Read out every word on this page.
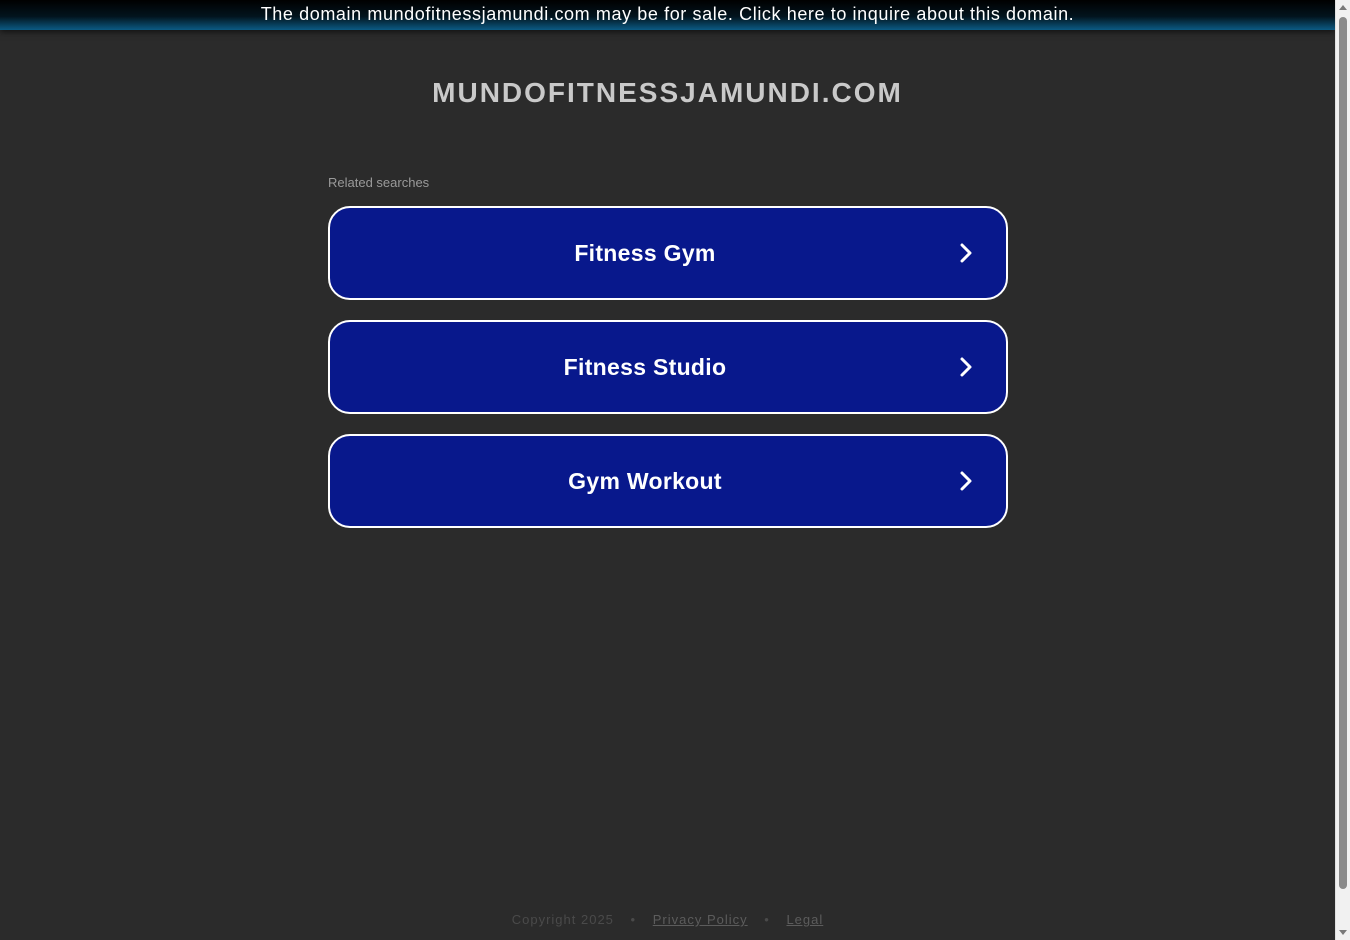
The domain mundofitnessjamundi.com may be for sale. Click here to inquire about this domain.
MUNDOFITNESSJAMUNDI.COM
Related searches
Fitness Gym
Fitness Studio
Gym Workout
Copyright 2025 • Privacy Policy • Legal
